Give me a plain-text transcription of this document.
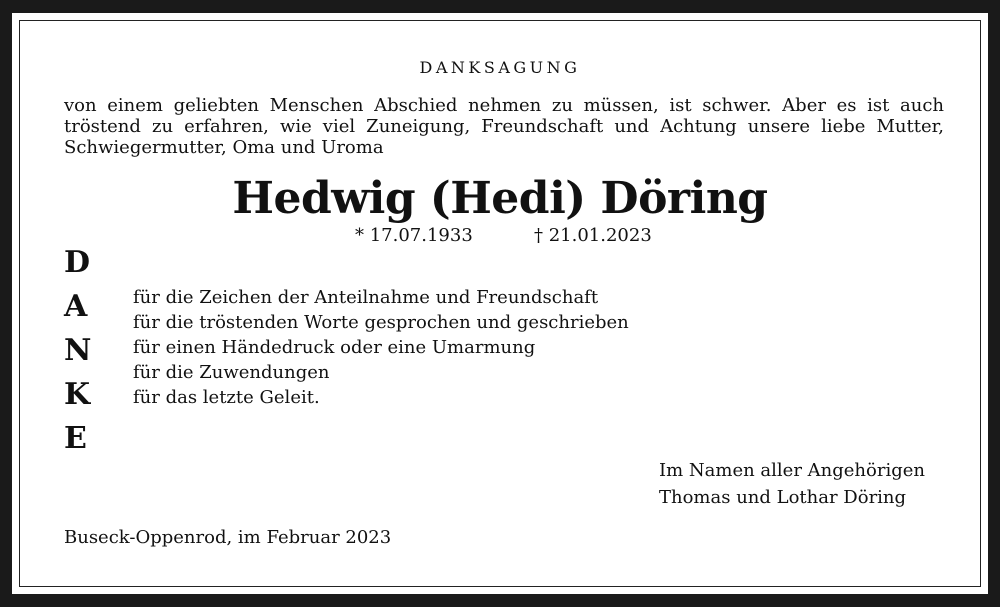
DANKSAGUNG
von einem geliebten Menschen Abschied nehmen zu müssen, ist schwer. Aber es ist auch
tröstend zu erfahren, wie viel Zuneigung, Freundschaft und Achtung unsere liebe Mutter,
Schwiegermutter, Oma und Uroma
Hedwig (Hedi) Döring
* 17.07.1933	† 21.01.2023
D
A
N
K
E
für die Zeichen der Anteilnahme und Freundschaft
für die tröstenden Worte gesprochen und geschrieben
für einen Händedruck oder eine Umarmung
für die Zuwendungen
für das letzte Geleit.
Im Namen aller Angehörigen
Thomas und Lothar Döring
Buseck-Oppenrod, im Februar 2023
